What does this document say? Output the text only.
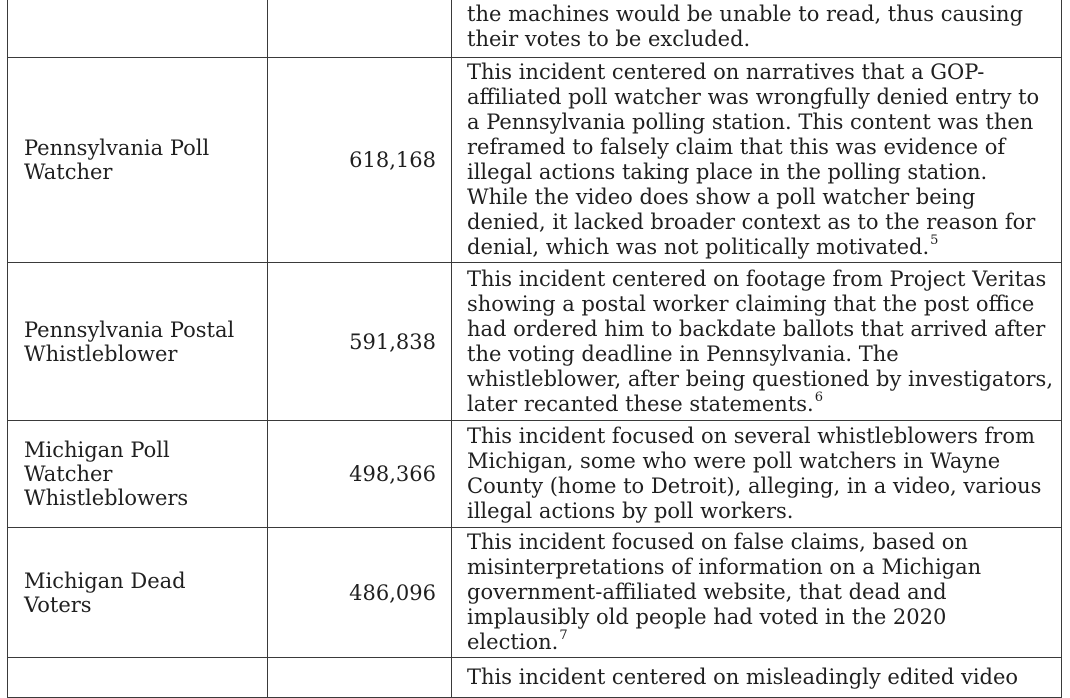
		the machines would be unable to read, thus causing their votes to be excluded.
Pennsylvania Poll Watcher	618,168	This incident centered on narratives that a GOP-affiliated poll watcher was wrongfully denied entry to a Pennsylvania polling station. This content was then reframed to falsely claim that this was evidence of illegal actions taking place in the polling station. While the video does show a poll watcher being denied, it lacked broader context as to the reason for denial, which was not politically motivated.$^5$
Pennsylvania Postal Whistleblower	591,838	This incident centered on footage from Project Veritas showing a postal worker claiming that the post office had ordered him to backdate ballots that arrived after the voting deadline in Pennsylvania. The whistleblower, after being questioned by investigators, later recanted these statements.$^6$
Michigan Poll Watcher Whistleblowers	498,366	This incident focused on several whistleblowers from Michigan, some who were poll watchers in Wayne County (home to Detroit), alleging, in a video, various illegal actions by poll workers.
Michigan Dead Voters	486,096	This incident focused on false claims, based on misinterpretations of information on a Michigan government-affiliated website, that dead and implausibly old people had voted in the 2020 election.$^7$
		This incident centered on misleadingly edited video
